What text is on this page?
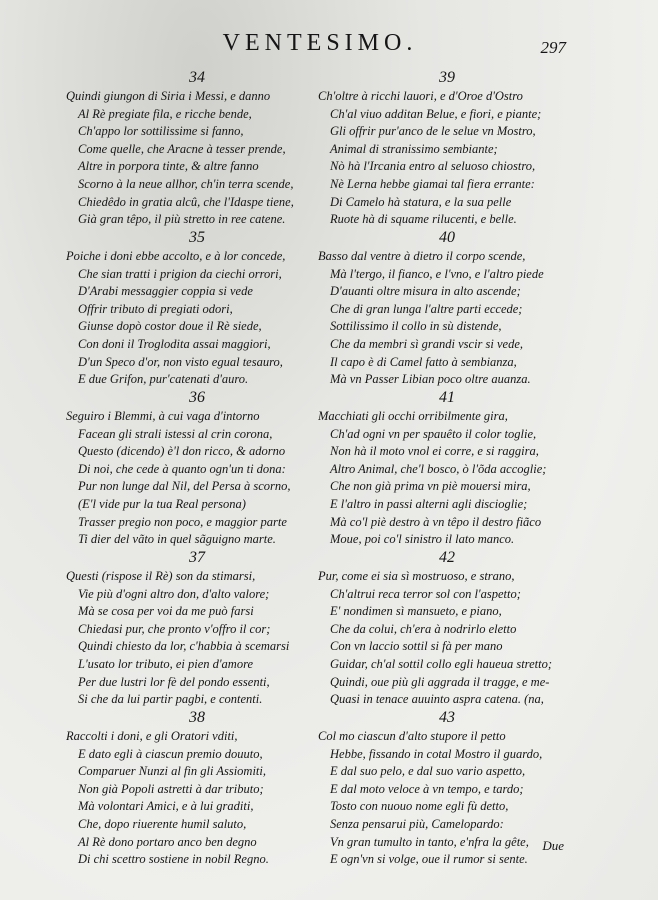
VENTESIMO.	297
34
Quindi giungon di Siria i Messi, e danno
Al Rè pregiate fila, e ricche bende,
Ch'appo lor sottilissime si fanno,
Come quelle, che Aracne à tesser prende,
Altre in porpora tinte, & altre fanno
Scorno à la neue allhor, ch'in terra scende,
Chiedêdo in gratia alcû, che l'Idaspe tiene,
Già gran têpo, il più stretto in ree catene.
35
Poiche i doni ebbe accolto, e à lor concede,
Che sian tratti i prigion da ciechi orrori,
D'Arabi messaggier coppia si vede
Offrir tributo di pregiati odori,
Giunse dopò costor doue il Rè siede,
Con doni il Troglodita assai maggiori,
D'un Speco d'or, non visto egual tesauro,
E due Grifon, pur'catenati d'auro.
36
Seguiro i Blemmi, à cui vaga d'intorno
Facean gli strali istessi al crin corona,
Questo (dicendo) è'l don ricco, & adorno
Di noi, che cede à quanto ogn'un ti dona:
Pur non lunge dal Nil, del Persa à scorno,
(E'l vide pur la tua Real persona)
Trasser pregio non poco, e maggior parte
Ti dier del vãto in quel sãguigno marte.
37
Questi (rispose il Rè) son da stimarsi,
Vie più d'ogni altro don, d'alto valore;
Mà se cosa per voi da me può farsi
Chiedasi pur, che pronto v'offro il cor;
Quindi chiesto da lor, c'habbia à scemarsi
L'usato lor tributo, ei pien d'amore
Per due lustri lor fè del pondo essenti,
Si che da lui partir pagbi, e contenti.
38
Raccolti i doni, e gli Oratori vditi,
E dato egli à ciascun premio douuto,
Comparuer Nunzi al fin gli Assiomiti,
Non già Popoli astretti à dar tributo;
Mà volontari Amici, e à lui graditi,
Che, dopo riuerente humil saluto,
Al Rè dono portaro anco ben degno
Di chi scettro sostiene in nobil Regno.
39
Ch'oltre à ricchi lauori, e d'Oroe d'Ostro
Ch'al viuo additan Belue, e fiori, e piante;
Gli offrir pur'anco de le selue vn Mostro,
Animal di stranissimo sembiante;
Nò hà l'Ircania entro al seluoso chiostro,
Nè Lerna hebbe giamai tal fiera errante:
Di Camelo hà statura, e la sua pelle
Ruote hà di squame rilucenti, e belle.
40
Basso dal ventre à dietro il corpo scende,
Mà l'tergo, il fianco, e l'vno, e l'altro piede
D'auanti oltre misura in alto ascende;
Che di gran lunga l'altre parti eccede;
Sottilissimo il collo in sù distende,
Che da membri sì grandi vscir si vede,
Il capo è di Camel fatto à sembianza,
Mà vn Passer Libian poco oltre auanza.
41
Macchiati gli occhi orribilmente gira,
Ch'ad ogni vn per spauêto il color toglie,
Non hà il moto vnol ei corre, e si raggira,
Altro Animal, che'l bosco, ò l'õda accoglie;
Che non già prima vn piè mouersi mira,
E l'altro in passi alterni agli discioglie;
Mà co'l piè destro à vn têpo il destro fiãco
Moue, poi co'l sinistro il lato manco.
42
Pur, come ei sia sì mostruoso, e strano,
Ch'altrui reca terror sol con l'aspetto;
E' nondimen sì mansueto, e piano,
Che da colui, ch'era à nodrirlo eletto
Con vn laccio sottil si fà per mano
Guidar, ch'al sottil collo egli haueua stretto;
Quindi, oue più gli aggrada il tragge, e me-
Quasi in tenace auuinto aspra catena. (na,
43
Col mo ciascun d'alto stupore il petto
Hebbe, fissando in cotal Mostro il guardo,
E dal suo pelo, e dal suo vario aspetto,
E dal moto veloce à vn tempo, e tardo;
Tosto con nuouo nome egli fù detto,
Senza pensarui più, Camelopardo:
Vn gran tumulto in tanto, e'nfra la gête,
E ogn'vn si volge, oue il rumor si sente.
Due
